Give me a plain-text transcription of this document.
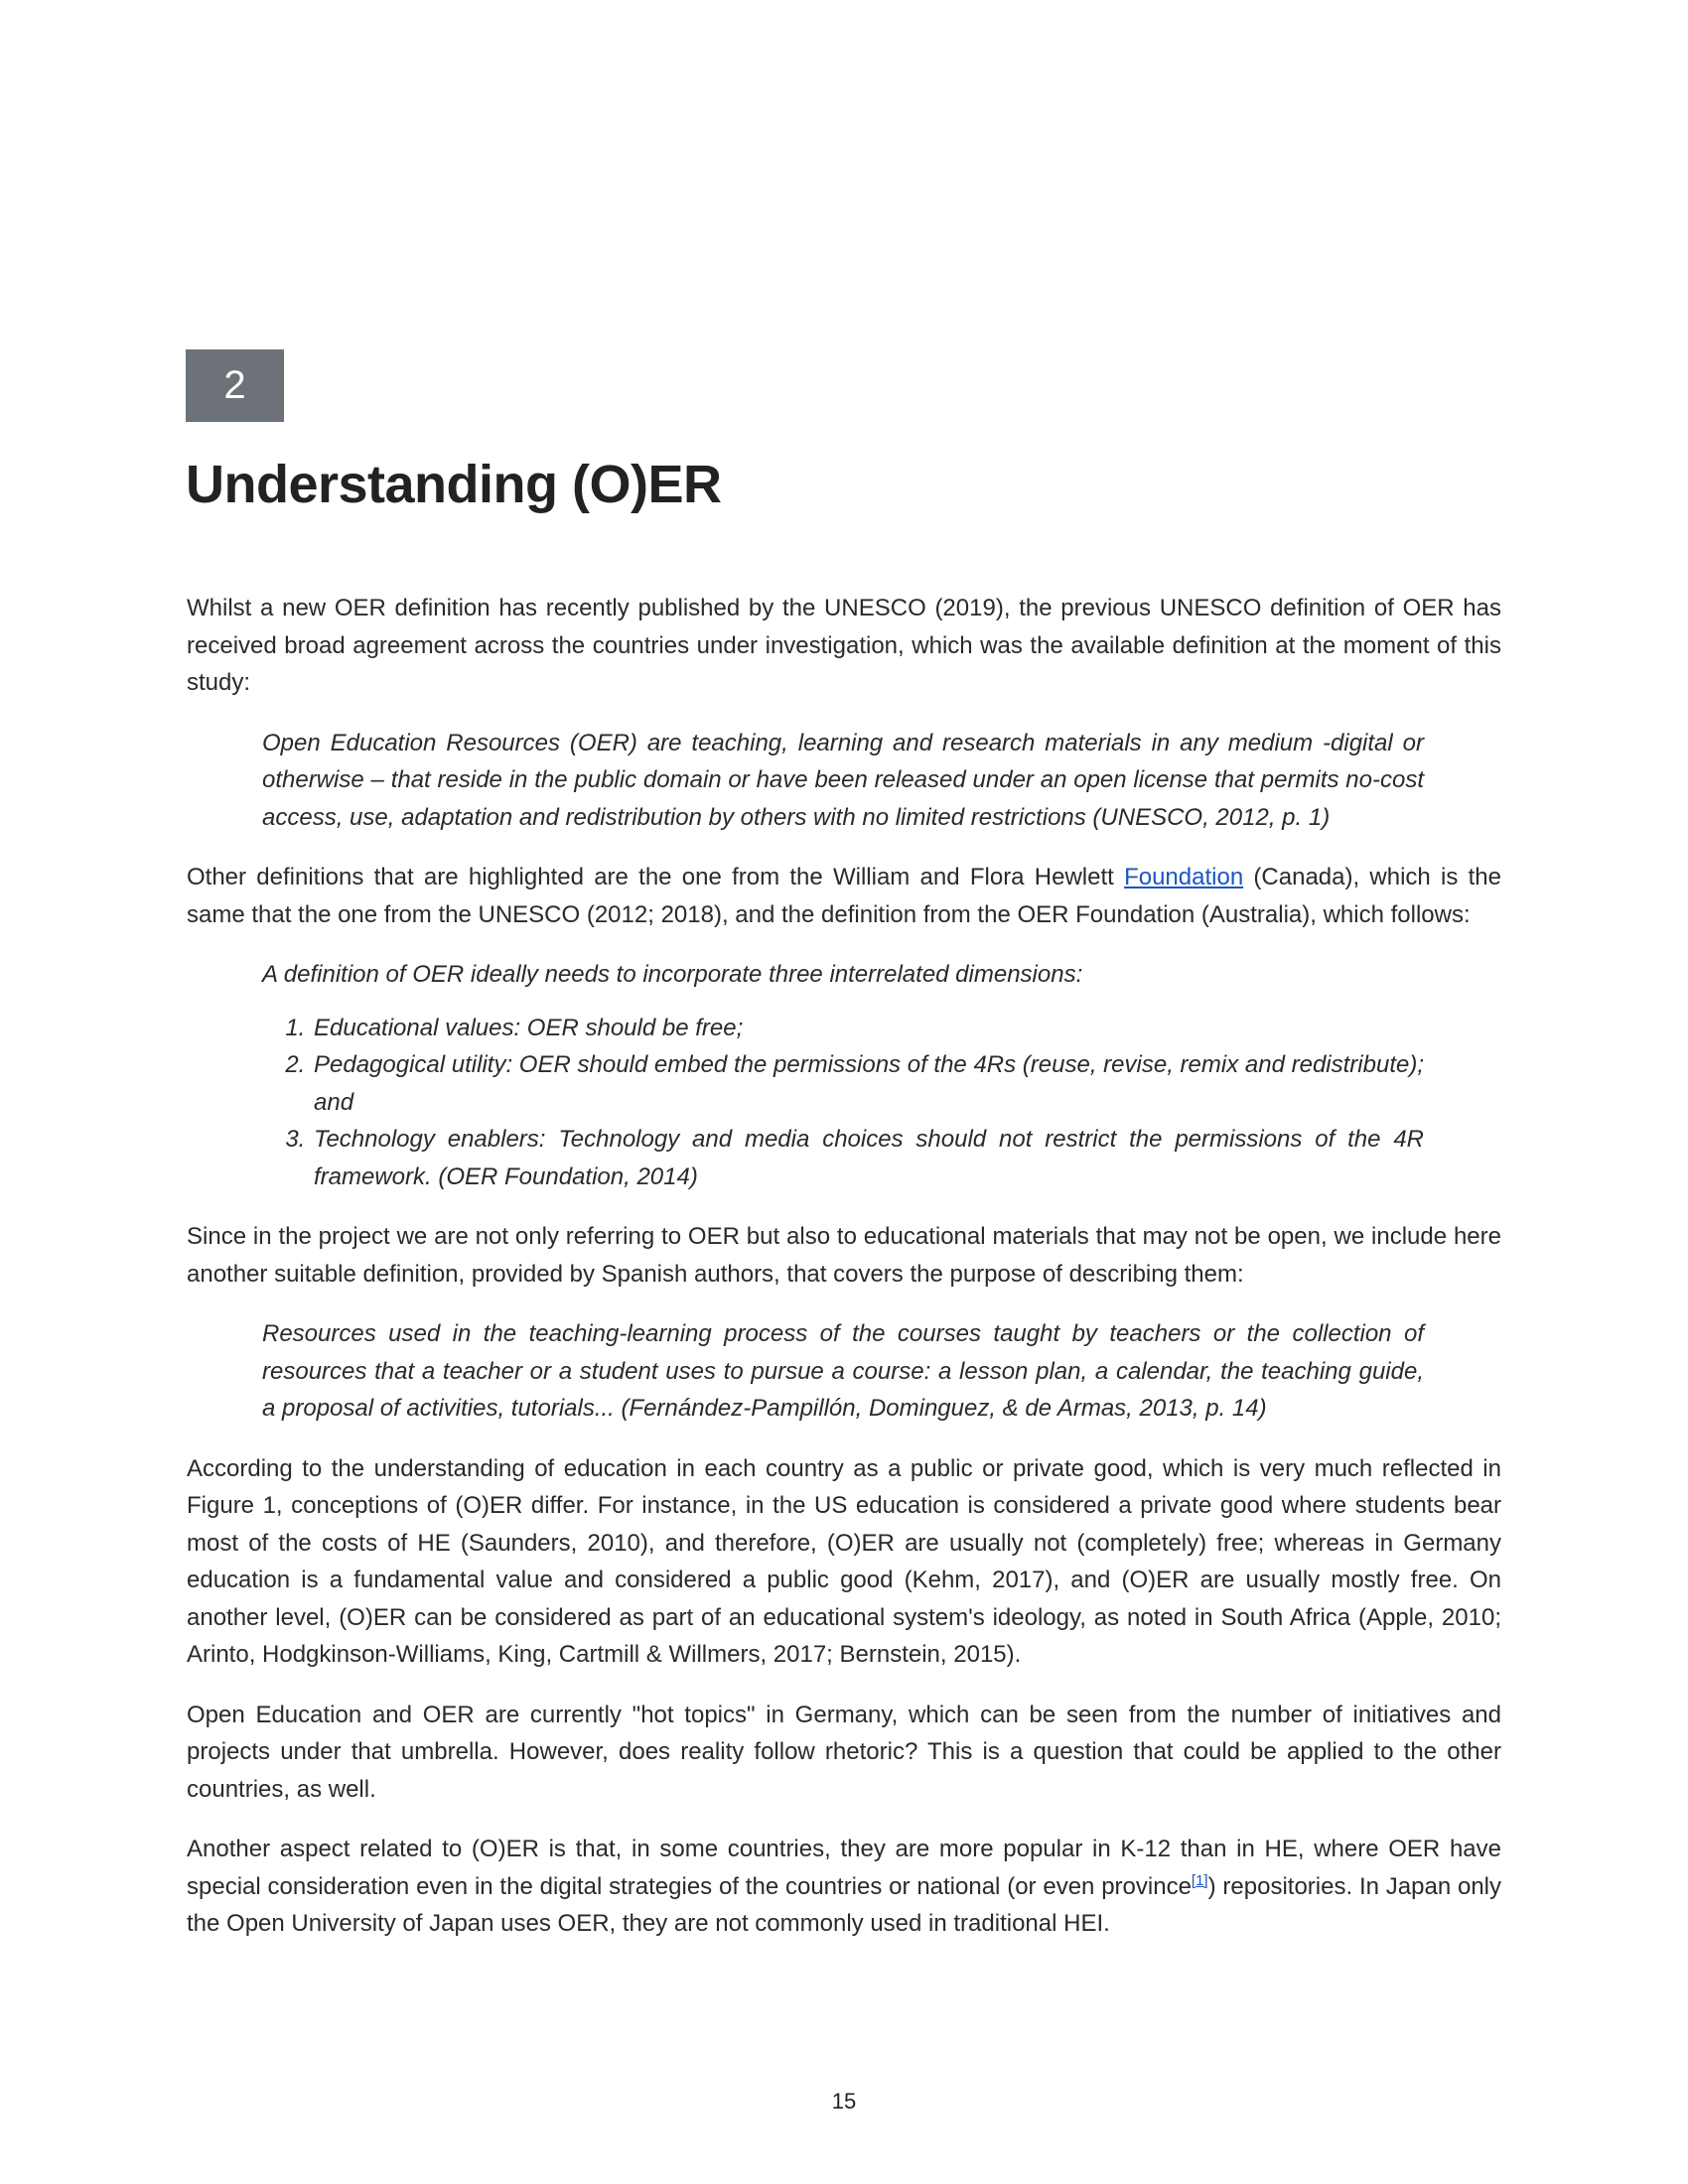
2
Understanding (O)ER

Whilst a new OER definition has recently published by the UNESCO (2019), the previous UNESCO definition of OER has received broad agreement across the countries under investigation, which was the available definition at the moment of this study:

Open Education Resources (OER) are teaching, learning and research materials in any medium -digital or otherwise – that reside in the public domain or have been released under an open license that permits no-cost access, use, adaptation and redistribution by others with no limited restrictions (UNESCO, 2012, p. 1)

Other definitions that are highlighted are the one from the William and Flora Hewlett Foundation (Canada), which is the same that the one from the UNESCO (2012; 2018), and the definition from the OER Foundation (Australia), which follows:

A definition of OER ideally needs to incorporate three interrelated dimensions:
1. Educational values: OER should be free;
2. Pedagogical utility: OER should embed the permissions of the 4Rs (reuse, revise, remix and redistribute); and
3. Technology enablers: Technology and media choices should not restrict the permissions of the 4R framework. (OER Foundation, 2014)

Since in the project we are not only referring to OER but also to educational materials that may not be open, we include here another suitable definition, provided by Spanish authors, that covers the purpose of describing them:

Resources used in the teaching-learning process of the courses taught by teachers or the collection of resources that a teacher or a student uses to pursue a course: a lesson plan, a calendar, the teaching guide, a proposal of activities, tutorials... (Fernández-Pampillón, Dominguez, & de Armas, 2013, p. 14)

According to the understanding of education in each country as a public or private good, which is very much reflected in Figure 1, conceptions of (O)ER differ. For instance, in the US education is considered a private good where students bear most of the costs of HE (Saunders, 2010), and therefore, (O)ER are usually not (completely) free; whereas in Germany education is a fundamental value and considered a public good (Kehm, 2017), and (O)ER are usually mostly free. On another level, (O)ER can be considered as part of an educational system's ideology, as noted in South Africa (Apple, 2010; Arinto, Hodgkinson-Williams, King, Cartmill & Willmers, 2017; Bernstein, 2015).

Open Education and OER are currently "hot topics" in Germany, which can be seen from the number of initiatives and projects under that umbrella. However, does reality follow rhetoric? This is a question that could be applied to the other countries, as well.

Another aspect related to (O)ER is that, in some countries, they are more popular in K-12 than in HE, where OER have special consideration even in the digital strategies of the countries or national (or even province[1]) repositories. In Japan only the Open University of Japan uses OER, they are not commonly used in traditional HEI.

15
